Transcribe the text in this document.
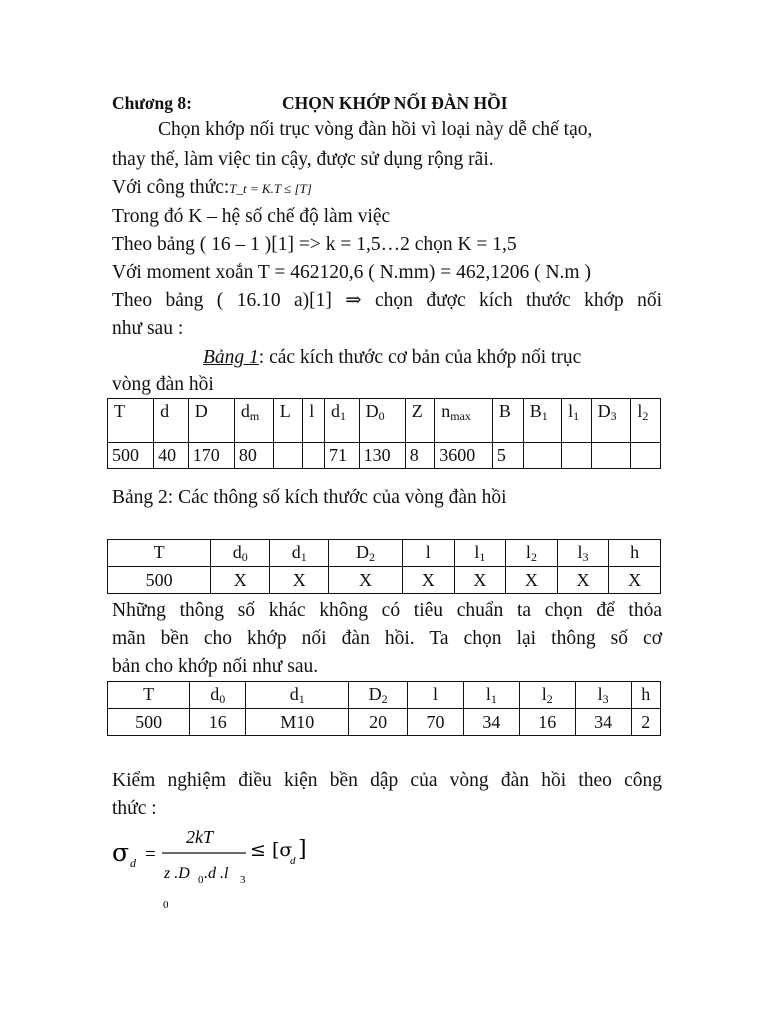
Chương 8:	CHỌN KHỚP NỐI ĐÀN HỒI
Chọn khớp nối trục vòng đàn hồi vì loại này dễ chế tạo,
thay thế, làm việc tin cậy, được sử dụng rộng rãi.
Với công thức:T_t = K.T ≤ [T]
Trong đó K – hệ số chế độ làm việc
Theo bảng ( 16 – 1 )[1] => k = 1,5…2 chọn K = 1,5
Với moment xoắn T = 462120,6 ( N.mm) = 462,1206 ( N.m )
Theo bảng ( 16.10 a)[1] ⇒ chọn được kích thước khớp nối
như sau :
Bảng 1: các kích thước cơ bản của khớp nối trục
vòng đàn hồi
T	d	D	$d_m$	L	l	$d_1$	$D_0$	Z	$n_{max}$	B	$B_1$	$l_1$	$D_3$	$l_2$
500	40	170	80			71	130	8	3600	5				
Bảng 2: Các thông số kích thước của vòng đàn hồi
T	$d_0$	$d_1$	$D_2$	l	$l_1$	$l_2$	$l_3$	h
500	X	X	X	X	X	X	X	X
Những thông số khác không có tiêu chuẩn ta chọn để thỏa
mãn bền cho khớp nối đàn hồi. Ta chọn lại thông số cơ
bản cho khớp nối như sau.
T	$d_0$	$d_1$	$D_2$	l	$l_1$	$l_2$	$l_3$	h
500	16	M10	20	70	34	16	34	2
Kiểm nghiệm điều kiện bền dập của vòng đàn hồi theo công
thức :
σ d =
2kT
z .D 0 .d .l 3
≤ [σ
d ]
0
